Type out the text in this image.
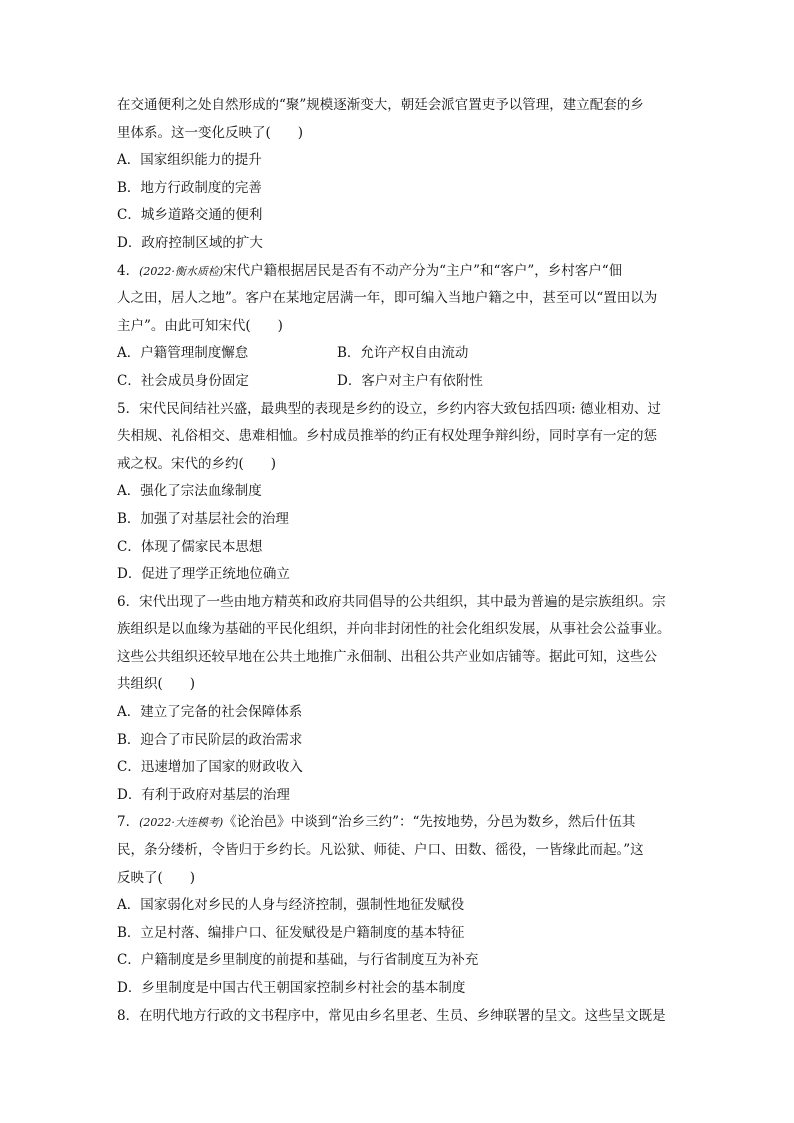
在交通便利之处自然形成的“聚”规模逐渐变大，朝廷会派官置吏予以管理，建立配套的乡
里体系。这一变化反映了(　　)
A．国家组织能力的提升
B．地方行政制度的完善
C．城乡道路交通的便利
D．政府控制区域的扩大
4．(2022·衡水质检)宋代户籍根据居民是否有不动产分为“主户”和“客户”，乡村客户“佃
人之田，居人之地”。客户在某地定居满一年，即可编入当地户籍之中，甚至可以“置田以为
主户”。由此可知宋代(　　)
A．户籍管理制度懈怠	B．允许产权自由流动
C．社会成员身份固定	D．客户对主户有依附性
5．宋代民间结社兴盛，最典型的表现是乡约的设立，乡约内容大致包括四项: 德业相劝、过
失相规、礼俗相交、患难相恤。乡村成员推举的约正有权处理争辩纠纷，同时享有一定的惩
戒之权。宋代的乡约(　　)
A．强化了宗法血缘制度
B．加强了对基层社会的治理
C．体现了儒家民本思想
D．促进了理学正统地位确立
6．宋代出现了一些由地方精英和政府共同倡导的公共组织，其中最为普遍的是宗族组织。宗
族组织是以血缘为基础的平民化组织，并向非封闭性的社会化组织发展，从事社会公益事业。
这些公共组织还较早地在公共土地推广永佃制、出租公共产业如店铺等。据此可知，这些公
共组织(　　)
A．建立了完备的社会保障体系
B．迎合了市民阶层的政治需求
C．迅速增加了国家的财政收入
D．有利于政府对基层的治理
7．(2022·大连模考)《论治邑》中谈到“治乡三约”：“先按地势，分邑为数乡，然后什伍其
民，条分缕析，令皆归于乡约长。凡讼狱、师徒、户口、田数、徭役，一皆缘此而起。”这
反映了(　　)
A．国家弱化对乡民的人身与经济控制，强制性地征发赋役
B．立足村落、编排户口、征发赋役是户籍制度的基本特征
C．户籍制度是乡里制度的前提和基础，与行省制度互为补充
D．乡里制度是中国古代王朝国家控制乡村社会的基本制度
8．在明代地方行政的文书程序中，常见由乡名里老、生员、乡绅联署的呈文。这些呈文既是
